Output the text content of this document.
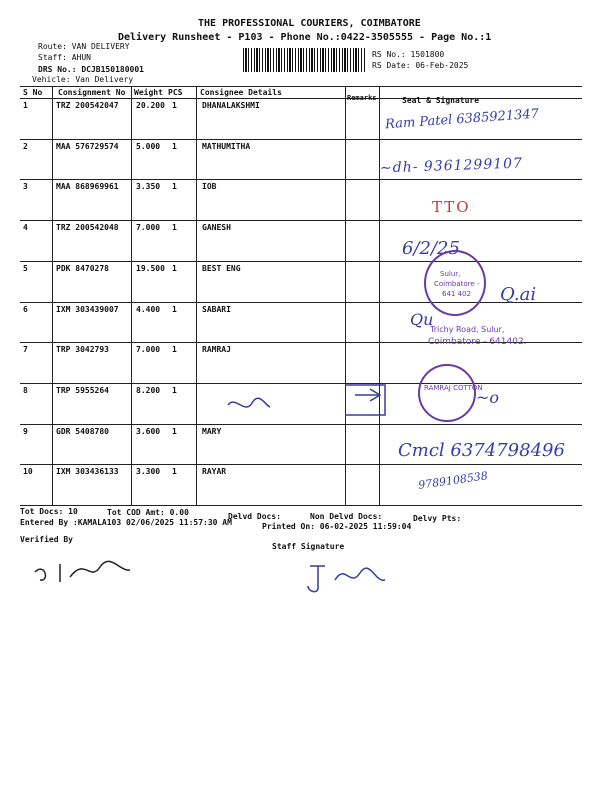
THE PROFESSIONAL COURIERS, COIMBATORE
Delivery Runsheet - P103 - Phone No.:0422-3505555 - Page No.:1
Route: VAN DELIVERY
Staff: AHUN
DRS No.: DCJB150180001
Vehicle: Van Delivery
RS No.: 1501800
RS Date: 06-Feb-2025
S No Consignment No Weight PCS Consignee Details
Remarks	Seal & Signature
1	TRZ 200542047 20.200 1	DHANALAKSHMI
2	MAA 576729574 5.000 1	MATHUMITHA
3	MAA 868969961 3.350 1	IOB
4	TRZ 200542048 7.000 1	GANESH
5	PDK 8470278	19.500 1	BEST ENG
6	IXM 303439007 4.400 1	SABARI
7	TRP 3042793	7.000 1	RAMRAJ
8	TRP 5955264	8.200 1
9	GDR 5408780	3.600 1	MARY
10	IXM 303436133 3.300 1	RAYAR
Ram Patel 6385921347
~dh- 9361299107
TTO
6/2/25
Sulur,
Coimbatore -
641 402 Q.ai
Trichy Road, Sulur,
Coimbatore - 641402.
Qu
RAMRAJ COTTON
~o
Cmcl 6374798496
9789108538
Tot Docs: 10	Tot COD Amt: 0.00	Delvd Docs:	Non Delvd Docs:	Delvy Pts:
Entered By :KAMALA103 02/06/2025 11:57:30 AM	Printed On: 06-02-2025 11:59:04
Verified By
Staff Signature
